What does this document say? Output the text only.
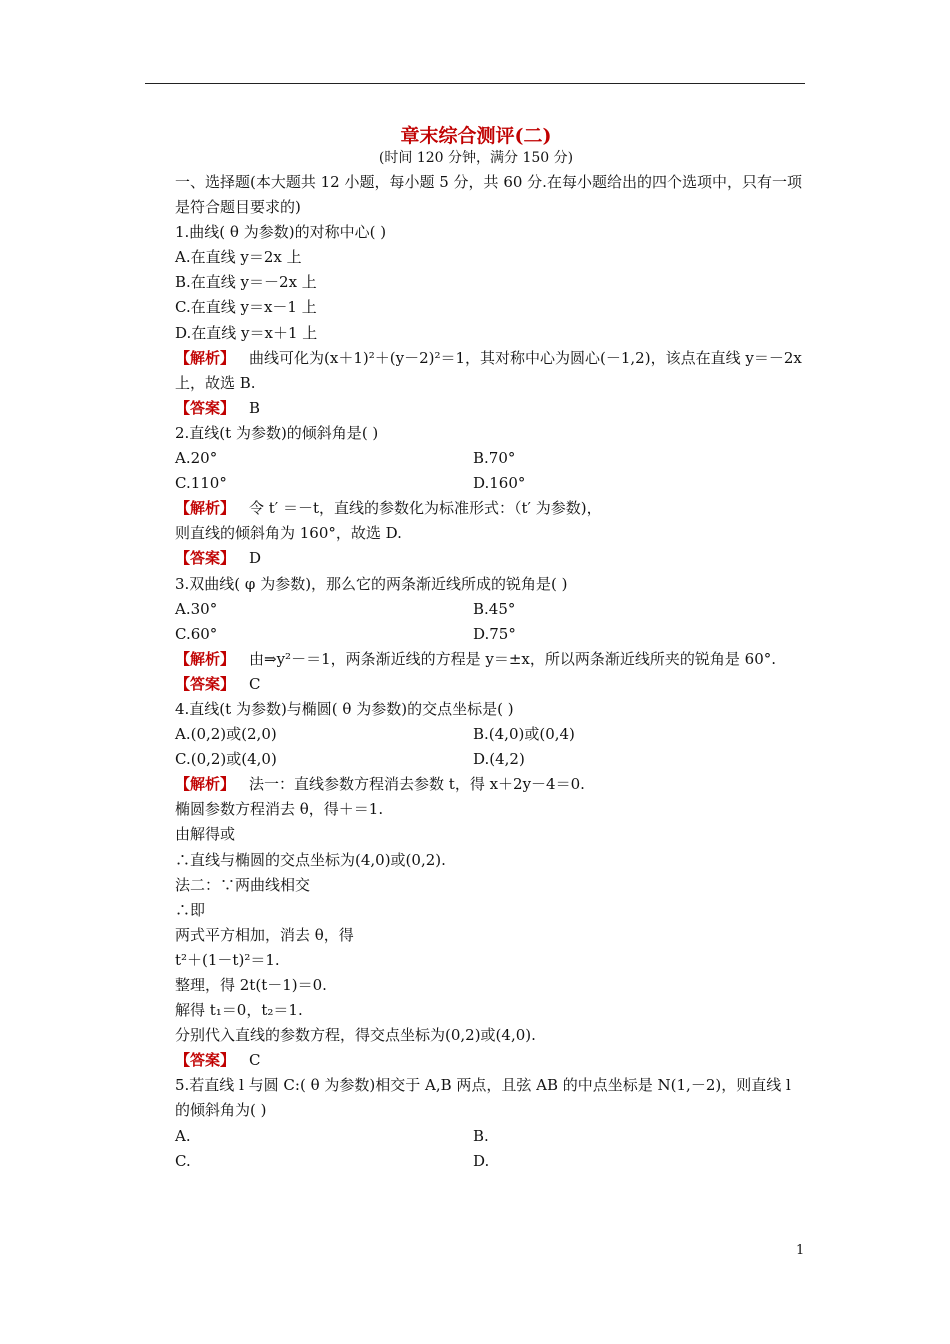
章末综合测评(二)
(时间 120 分钟，满分 150 分)
一、选择题(本大题共 12 小题，每小题 5 分，共 60 分.在每小题给出的四个选项中，只有一项是符合题目要求的)
1.曲线( θ 为参数)的对称中心( )
A.在直线 y＝2x 上
B.在直线 y＝－2x 上
C.在直线 y＝x－1 上
D.在直线 y＝x＋1 上
【解析】 曲线可化为(x＋1)²＋(y－2)²＝1，其对称中心为圆心(－1,2)，该点在直线 y＝－2x 上，故选 B.
【答案】 B
2.直线(t 为参数)的倾斜角是( )
A.20°	B.70°
C.110°	D.160°
【解析】 令 t′ ＝－t，直线的参数化为标准形式：（t′ 为参数)，
则直线的倾斜角为 160°，故选 D.
【答案】 D
3.双曲线( φ 为参数)，那么它的两条渐近线所成的锐角是( )
A.30°	B.45°
C.60°	D.75°
【解析】 由⇒y²－＝1，两条渐近线的方程是 y＝±x，所以两条渐近线所夹的锐角是 60°.
【答案】 C
4.直线(t 为参数)与椭圆( θ 为参数)的交点坐标是( )
A.(0,2)或(2,0)	B.(4,0)或(0,4)
C.(0,2)或(4,0)	D.(4,2)
【解析】 法一：直线参数方程消去参数 t，得 x＋2y－4＝0.
椭圆参数方程消去 θ，得＋＝1.
由解得或
∴直线与椭圆的交点坐标为(4,0)或(0,2).
法二：∵两曲线相交
∴即
两式平方相加，消去 θ，得
t²＋(1－t)²＝1.
整理，得 2t(t－1)＝0.
解得 t₁＝0，t₂＝1.
分别代入直线的参数方程，得交点坐标为(0,2)或(4,0).
【答案】 C
5.若直线 l 与圆 C:( θ 为参数)相交于 A,B 两点，且弦 AB 的中点坐标是 N(1,－2)，则直线 l 的倾斜角为( )
A.	B.
C.	D.
1
